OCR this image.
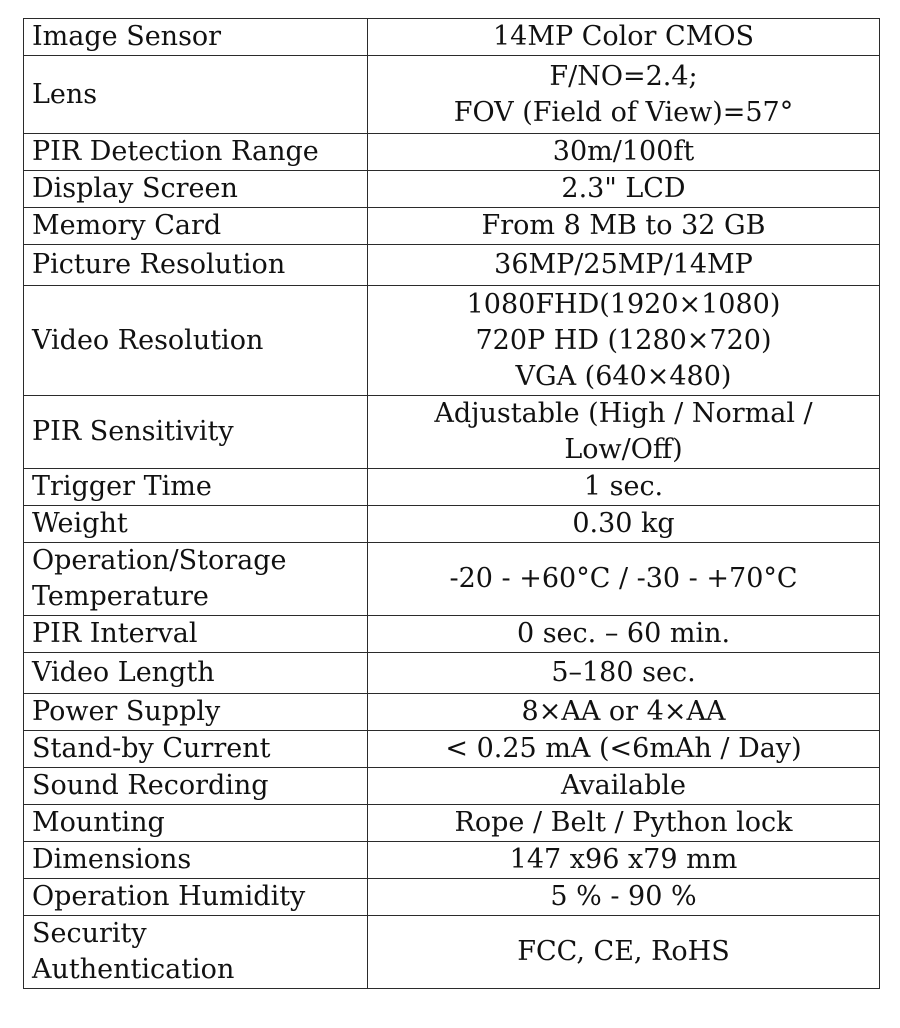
Image Sensor	14MP Color CMOS

Lens	F/NO=2.4;
FOV (Field of View)=57°

PIR Detection Range	30m/100ft

Display Screen	2.3" LCD

Memory Card	From 8 MB to 32 GB

Picture Resolution	36MP/25MP/14MP

Video Resolution	1080FHD(1920×1080)
720P HD (1280×720)
VGA (640×480)

PIR Sensitivity	Adjustable (High / Normal /
Low/Off)

Trigger Time	1 sec.

Weight	0.30 kg

Operation/Storage
Temperature	-20 - +60°C / -30 - +70°C

PIR Interval	0 sec. – 60 min.

Video Length	5–180 sec.

Power Supply	8×AA or 4×AA

Stand-by Current	< 0.25 mA (<6mAh / Day)

Sound Recording	Available

Mounting	Rope / Belt / Python lock

Dimensions	147 x96 x79 mm

Operation Humidity	5 % - 90 %

Security
Authentication	FCC, CE, RoHS
